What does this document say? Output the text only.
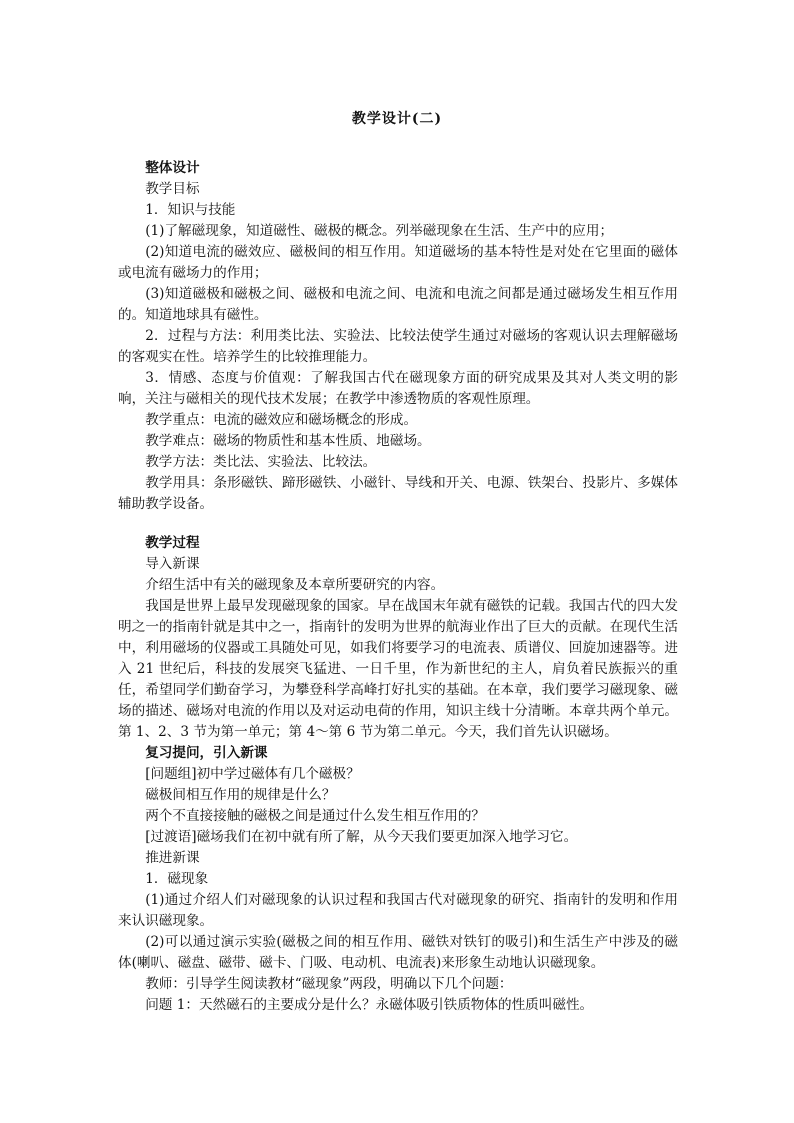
教学设计(二)

整体设计

教学目标

1．知识与技能

(1)了解磁现象，知道磁性、磁极的概念。列举磁现象在生活、生产中的应用；

(2)知道电流的磁效应、磁极间的相互作用。知道磁场的基本特性是对处在它里面的磁体或电流有磁场力的作用；

(3)知道磁极和磁极之间、磁极和电流之间、电流和电流之间都是通过磁场发生相互作用的。知道地球具有磁性。

2．过程与方法：利用类比法、实验法、比较法使学生通过对磁场的客观认识去理解磁场的客观实在性。培养学生的比较推理能力。

3．情感、态度与价值观：了解我国古代在磁现象方面的研究成果及其对人类文明的影响，关注与磁相关的现代技术发展；在教学中渗透物质的客观性原理。

教学重点：电流的磁效应和磁场概念的形成。

教学难点：磁场的物质性和基本性质、地磁场。

教学方法：类比法、实验法、比较法。

教学用具：条形磁铁、蹄形磁铁、小磁针、导线和开关、电源、铁架台、投影片、多媒体辅助教学设备。

教学过程

导入新课

介绍生活中有关的磁现象及本章所要研究的内容。

我国是世界上最早发现磁现象的国家。早在战国末年就有磁铁的记载。我国古代的四大发明之一的指南针就是其中之一，指南针的发明为世界的航海业作出了巨大的贡献。在现代生活中，利用磁场的仪器或工具随处可见，如我们将要学习的电流表、质谱仪、回旋加速器等。进入 21 世纪后，科技的发展突飞猛进、一日千里，作为新世纪的主人，肩负着民族振兴的重任，希望同学们勤奋学习，为攀登科学高峰打好扎实的基础。在本章，我们要学习磁现象、磁场的描述、磁场对电流的作用以及对运动电荷的作用，知识主线十分清晰。本章共两个单元。第 1、2、3 节为第一单元；第 4～第 6 节为第二单元。今天，我们首先认识磁场。

复习提问，引入新课

[问题组]初中学过磁体有几个磁极？

磁极间相互作用的规律是什么？

两个不直接接触的磁极之间是通过什么发生相互作用的？

[过渡语]磁场我们在初中就有所了解，从今天我们要更加深入地学习它。

推进新课

1．磁现象

(1)通过介绍人们对磁现象的认识过程和我国古代对磁现象的研究、指南针的发明和作用来认识磁现象。

(2)可以通过演示实验(磁极之间的相互作用、磁铁对铁钉的吸引)和生活生产中涉及的磁体(喇叭、磁盘、磁带、磁卡、门吸、电动机、电流表)来形象生动地认识磁现象。

教师：引导学生阅读教材“磁现象”两段，明确以下几个问题：

问题 1：天然磁石的主要成分是什么？永磁体吸引铁质物体的性质叫磁性。
